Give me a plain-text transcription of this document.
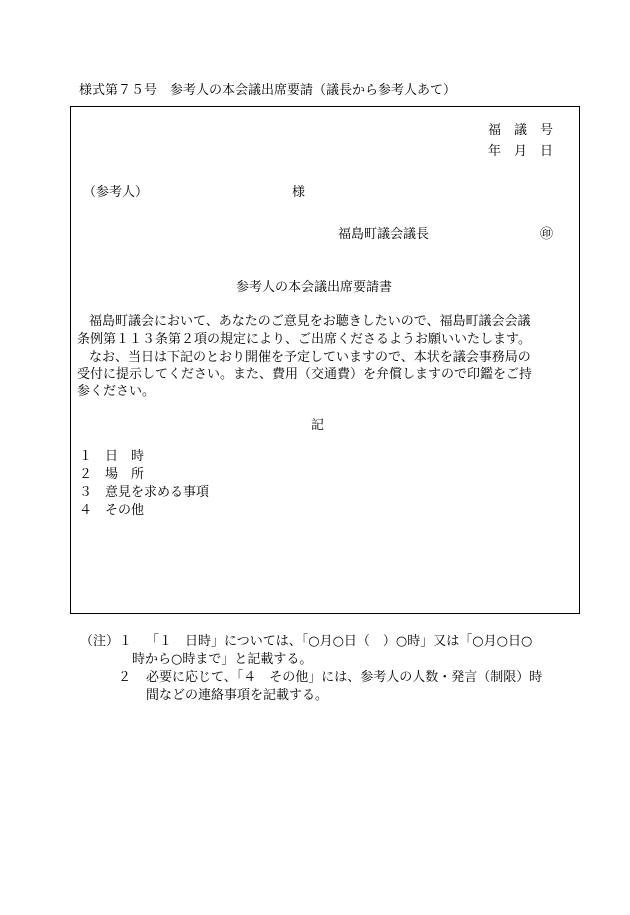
様式第７５号　参考人の本会議出席要請（議長から参考人あて）
福　議　号
年　月　日
（参考人）	様
福島町議会議長	㊞
参考人の本会議出席要請書
福島町議会において、あなたのご意見をお聴きしたいので、福島町議会会議
条例第１１３条第２項の規定により、ご出席くださるようお願いいたします。
なお、当日は下記のとおり開催を予定していますので、本状を議会事務局の
受付に提示してください。また、費用（交通費）を弁償しますので印鑑をご持
参ください。
記
１　日　時
２　場　所
３　意見を求める事項
４　その他
（注）１ 「１　日時」については、「○月○日（　）○時」又は「○月○日○
時から○時まで」と記載する。
２ 必要に応じて、「４　その他」には、参考人の人数・発言（制限）時
間などの連絡事項を記載する。
